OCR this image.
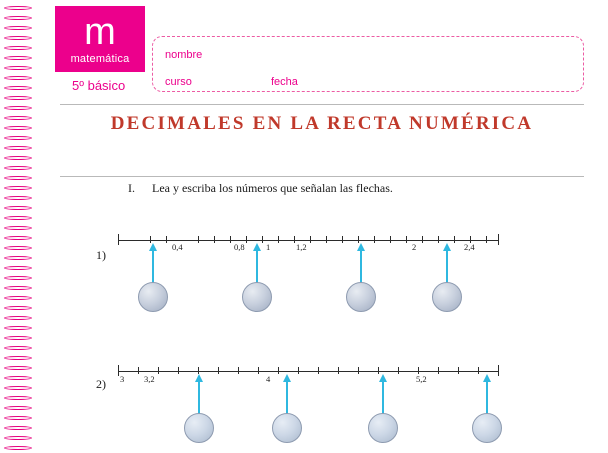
m
matemática
5º básico
nombre
curso	fecha
DECIMALES EN LA RECTA NUMÉRICA
I. Lea y escriba los números que señalan las flechas.
1)
0,4	0,8	1	1,2	2	2,4
2) 3 3,2	4	5,2
